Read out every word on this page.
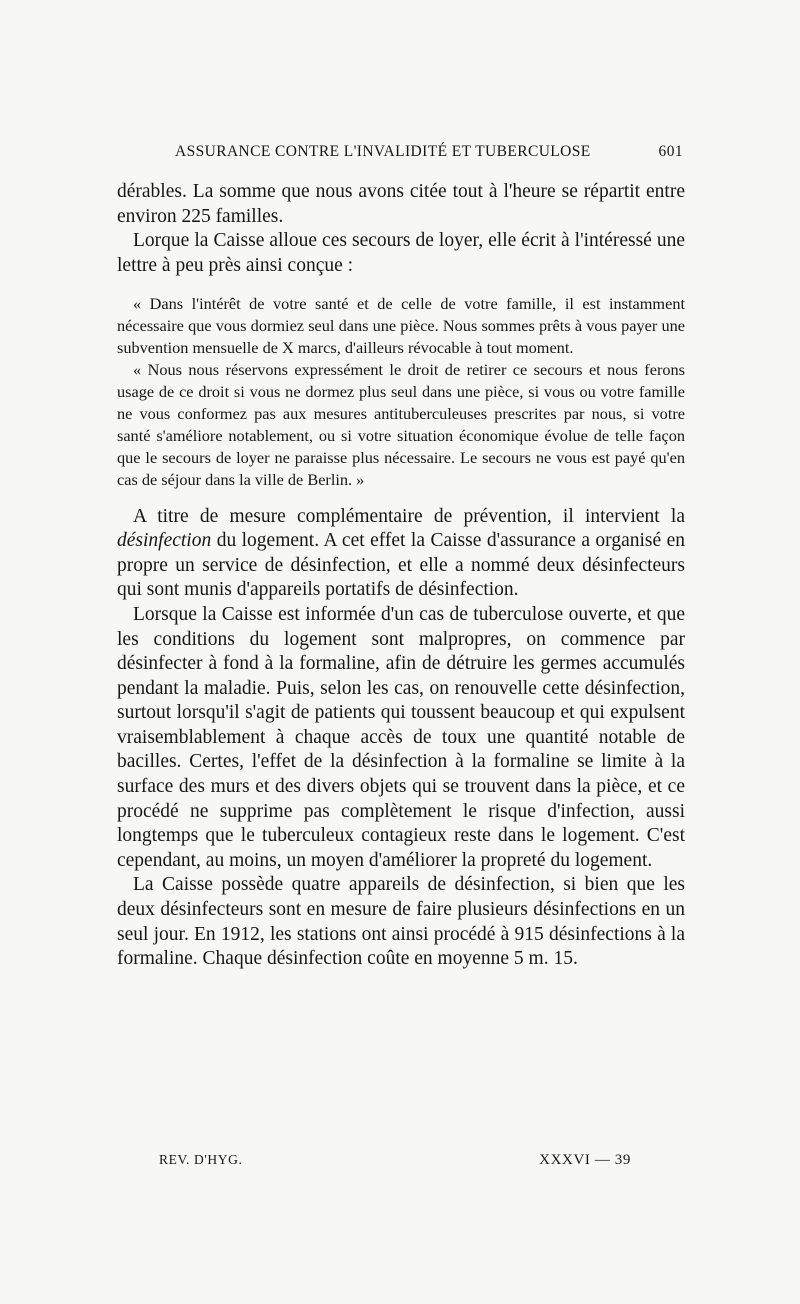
ASSURANCE CONTRE L'INVALIDITÉ ET TUBERCULOSE	601

dérables. La somme que nous avons citée tout à l'heure se répartit entre environ 225 familles.

Lorque la Caisse alloue ces secours de loyer, elle écrit à l'intéressé une lettre à peu près ainsi conçue :

« Dans l'intérêt de votre santé et de celle de votre famille, il est instamment nécessaire que vous dormiez seul dans une pièce. Nous sommes prêts à vous payer une subvention mensuelle de X marcs, d'ailleurs révocable à tout moment.

« Nous nous réservons expressément le droit de retirer ce secours et nous ferons usage de ce droit si vous ne dormez plus seul dans une pièce, si vous ou votre famille ne vous conformez pas aux mesures antituberculeuses prescrites par nous, si votre santé s'améliore notablement, ou si votre situation économique évolue de telle façon que le secours de loyer ne paraisse plus nécessaire. Le secours ne vous est payé qu'en cas de séjour dans la ville de Berlin. »

A titre de mesure complémentaire de prévention, il intervient la désinfection du logement. A cet effet la Caisse d'assurance a organisé en propre un service de désinfection, et elle a nommé deux désinfecteurs qui sont munis d'appareils portatifs de désinfection.

Lorsque la Caisse est informée d'un cas de tuberculose ouverte, et que les conditions du logement sont malpropres, on commence par désinfecter à fond à la formaline, afin de détruire les germes accumulés pendant la maladie. Puis, selon les cas, on renouvelle cette désinfection, surtout lorsqu'il s'agit de patients qui toussent beaucoup et qui expulsent vraisemblablement à chaque accès de toux une quantité notable de bacilles. Certes, l'effet de la désinfection à la formaline se limite à la surface des murs et des divers objets qui se trouvent dans la pièce, et ce procédé ne supprime pas complètement le risque d'infection, aussi longtemps que le tuberculeux contagieux reste dans le logement. C'est cependant, au moins, un moyen d'améliorer la propreté du logement.

La Caisse possède quatre appareils de désinfection, si bien que les deux désinfecteurs sont en mesure de faire plusieurs désinfections en un seul jour. En 1912, les stations ont ainsi procédé à 915 désinfections à la formaline. Chaque désinfection coûte en moyenne 5 m. 15.

REV. D'HYG.	XXXVI — 39
